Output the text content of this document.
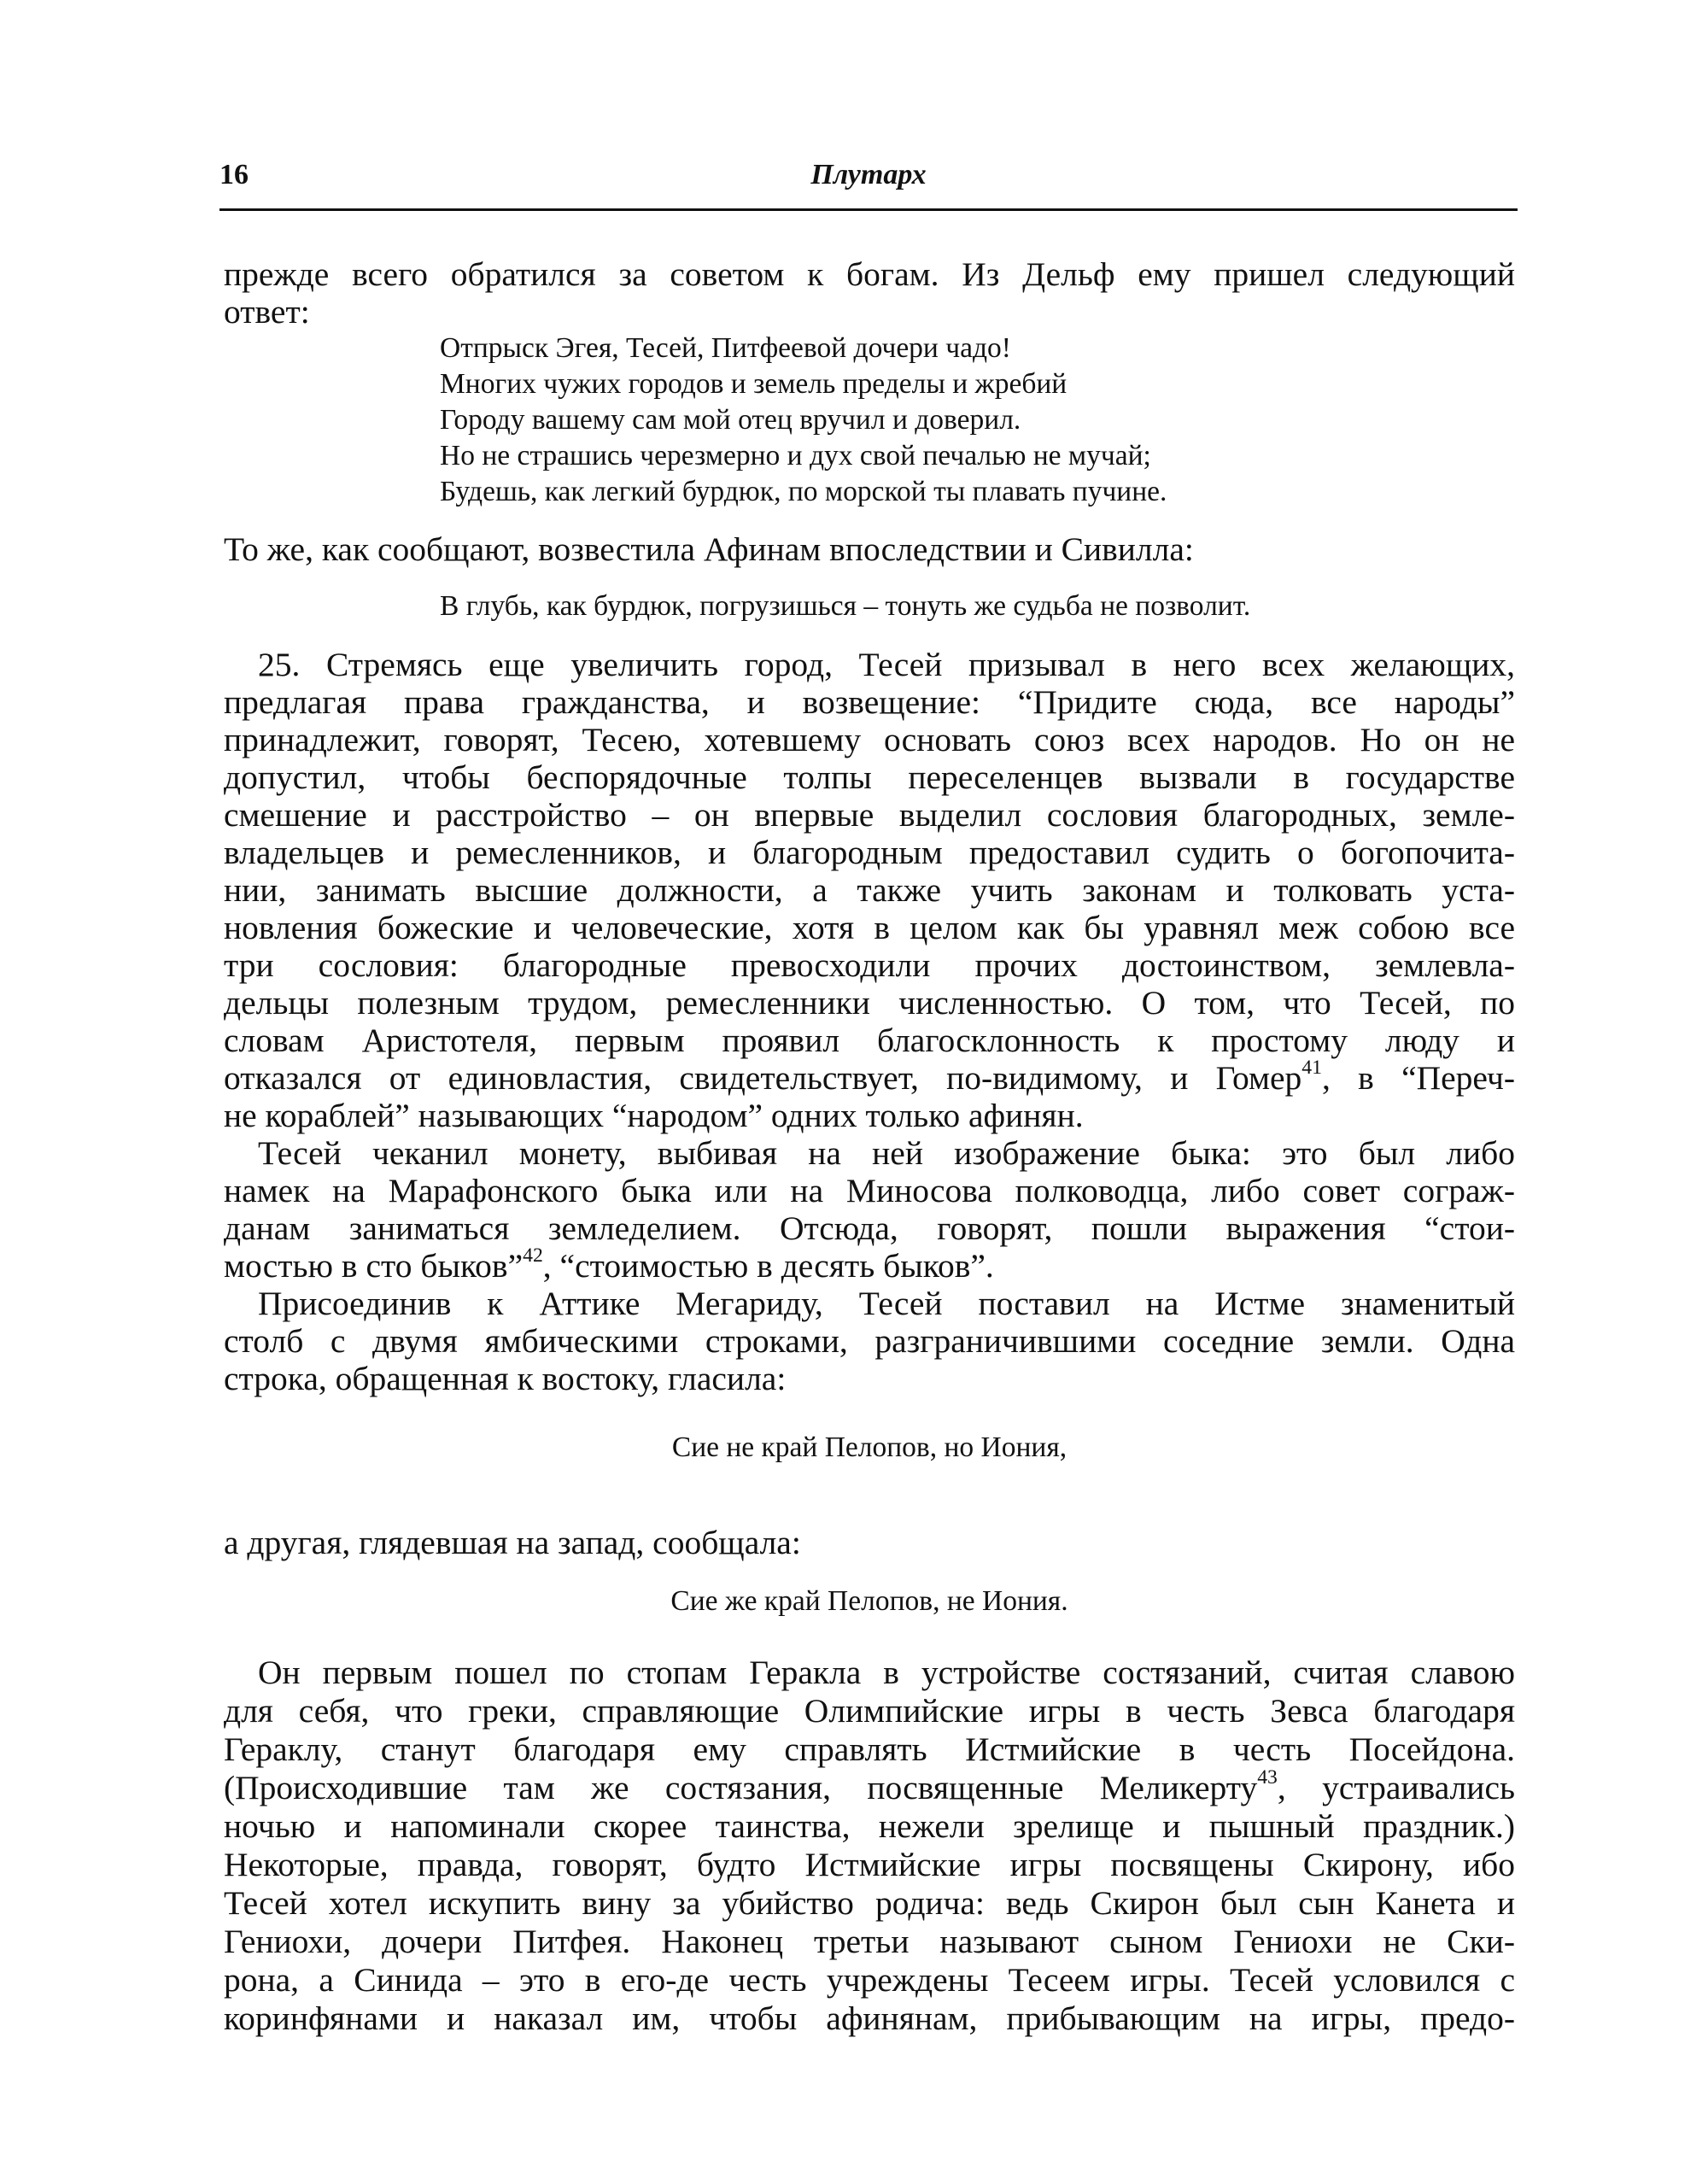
16	Плутарх
прежде всего обратился за советом к богам. Из Дельф ему пришел следующий
ответ:
Отпрыск Эгея, Тесей, Питфеевой дочери чадо!
Многих чужих городов и земель пределы и жребий
Городу вашему сам мой отец вручил и доверил.
Но не страшись черезмерно и дух свой печалью не мучай;
Будешь, как легкий бурдюк, по морской ты плавать пучине.
То же, как сообщают, возвестила Афинам впоследствии и Сивилла:
В глубь, как бурдюк, погрузишься – тонуть же судьба не позволит.
25. Стремясь еще увеличить город, Тесей призывал в него всех желающих,
предлагая права гражданства, и возвещение: “Придите сюда, все народы”
принадлежит, говорят, Тесею, хотевшему основать союз всех народов. Но он не
допустил, чтобы беспорядочные толпы переселенцев вызвали в государстве
смешение и расстройство – он впервые выделил сословия благородных, земле-
владельцев и ремесленников, и благородным предоставил судить о богопочита-
нии, занимать высшие должности, а также учить законам и толковать уста-
новления божеские и человеческие, хотя в целом как бы уравнял меж собою все
три сословия: благородные превосходили прочих достоинством, землевла-
дельцы полезным трудом, ремесленники численностью. О том, что Тесей, по
словам Аристотеля, первым проявил благосклонность к простому люду и
отказался от единовластия, свидетельствует, по-видимому, и Гомер$^{41}$, в “Переч-
не кораблей” называющих “народом” одних только афинян.
Тесей чеканил монету, выбивая на ней изображение быка: это был либо
намек на Марафонского быка или на Миносова полководца, либо совет сограж-
данам заниматься земледелием. Отсюда, говорят, пошли выражения “стои-
мостью в сто быков”$^{42}$, “стоимостью в десять быков”.
Присоединив к Аттике Мегариду, Тесей поставил на Истме знаменитый
столб с двумя ямбическими строками, разграничившими соседние земли. Одна
строка, обращенная к востоку, гласила:
Сие не край Пелопов, но Иония,
а другая, глядевшая на запад, сообщала:
Сие же край Пелопов, не Иония.
Он первым пошел по стопам Геракла в устройстве состязаний, считая славою
для себя, что греки, справляющие Олимпийские игры в честь Зевса благодаря
Гераклу, станут благодаря ему справлять Истмийские в честь Посейдона.
(Происходившие там же состязания, посвященные Меликерту$^{43}$, устраивались
ночью и напоминали скорее таинства, нежели зрелище и пышный праздник.)
Некоторые, правда, говорят, будто Истмийские игры посвящены Скирону, ибо
Тесей хотел искупить вину за убийство родича: ведь Скирон был сын Канета и
Гениохи, дочери Питфея. Наконец третьи называют сыном Гениохи не Ски-
рона, а Синида – это в его-де честь учреждены Тесеем игры. Тесей условился с
коринфянами и наказал им, чтобы афинянам, прибывающим на игры, предо-
